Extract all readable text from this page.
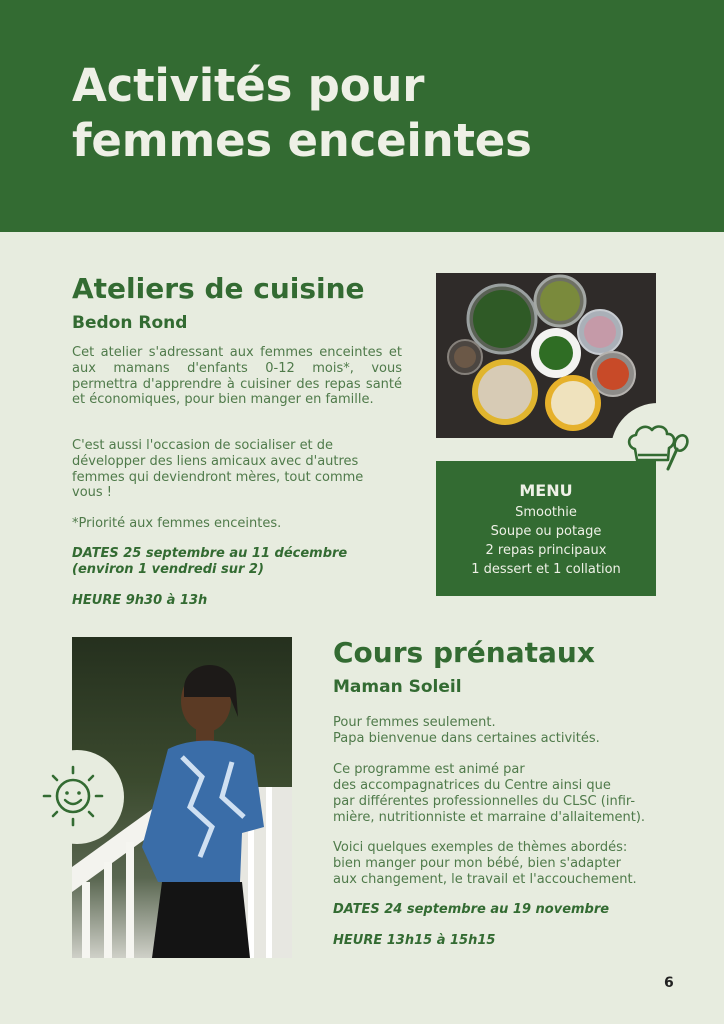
Activités pour femmes enceintes
Ateliers de cuisine
Bedon Rond

Cet atelier s'adressant aux femmes enceintes et aux mamans d'enfants 0-12 mois*, vous permettra d'apprendre à cuisiner des repas santé et économiques, pour bien manger en famille.

C'est aussi l'occasion de socialiser et de développer des liens amicaux avec d'autres femmes qui deviendront mères, tout comme vous !

*Priorité aux femmes enceintes.

DATES 25 septembre au 11 décembre

(environ 1 vendredi sur 2)

HEURE 9h30 à 13h

MENU
Smoothie
Soupe ou potage
2 repas principaux
1 dessert et 1 collation
Cours prénataux
Maman Soleil

Pour femmes seulement.

Papa bienvenue dans certaines activités.

Ce programme est animé par

des accompagnatrices du Centre ainsi que

par différentes professionnelles du CLSC (infir-

mière, nutritionniste et marraine d'allaitement).

Voici quelques exemples de thèmes abordés:

bien manger pour mon bébé, bien s'adapter

aux changement, le travail et l'accouchement.

DATES 24 septembre au 19 novembre

HEURE 13h15 à 15h15

6
